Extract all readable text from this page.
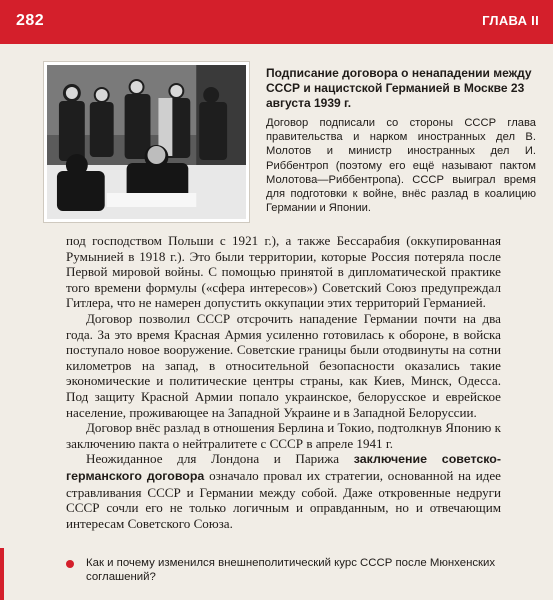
282	ГЛАВА II
Подписание договора о ненападении между СССР и нацистской Германией в Москве 23 августа 1939 г.
Договор подписали со стороны СССР глава правительства и нарком иностранных дел В. Молотов и министр иностранных дел И. Риббентроп (поэтому его ещё называют пактом Молотова—Риббентропа). СССР выиграл время для подготовки к войне, внёс разлад в коалицию Германии и Японии.

под господством Польши с 1921 г.), а также Бессарабия (оккупированная Румынией в 1918 г.). Это были территории, которые Россия потеряла после Первой мировой войны. С помощью принятой в дипломатической практике того времени формулы («сфера интересов») Советский Союз предупреждал Гитлера, что не намерен допустить оккупации этих территорий Германией.

Договор позволил СССР отсрочить нападение Германии почти на два года. За это время Красная Армия усиленно готовилась к обороне, в войска поступало новое вооружение. Советские границы были отодвинуты на сотни километров на запад, в относительной безопасности оказались такие экономические и политические центры страны, как Киев, Минск, Одесса. Под защиту Красной Армии попало украинское, белорусское и еврейское население, проживающее на Западной Украине и в Западной Белоруссии.

Договор внёс разлад в отношения Берлина и Токио, подтолкнув Японию к заключению пакта о нейтралитете с СССР в апреле 1941 г.

Неожиданное для Лондона и Парижа заключение советско-германского договора означало провал их стратегии, основанной на идее стравливания СССР и Германии между собой. Даже откровенные недруги СССР сочли его не только логичным и оправданным, но и отвечающим интересам Советского Союза.

Как и почему изменился внешнеполитический курс СССР после Мюнхенских соглашений?
